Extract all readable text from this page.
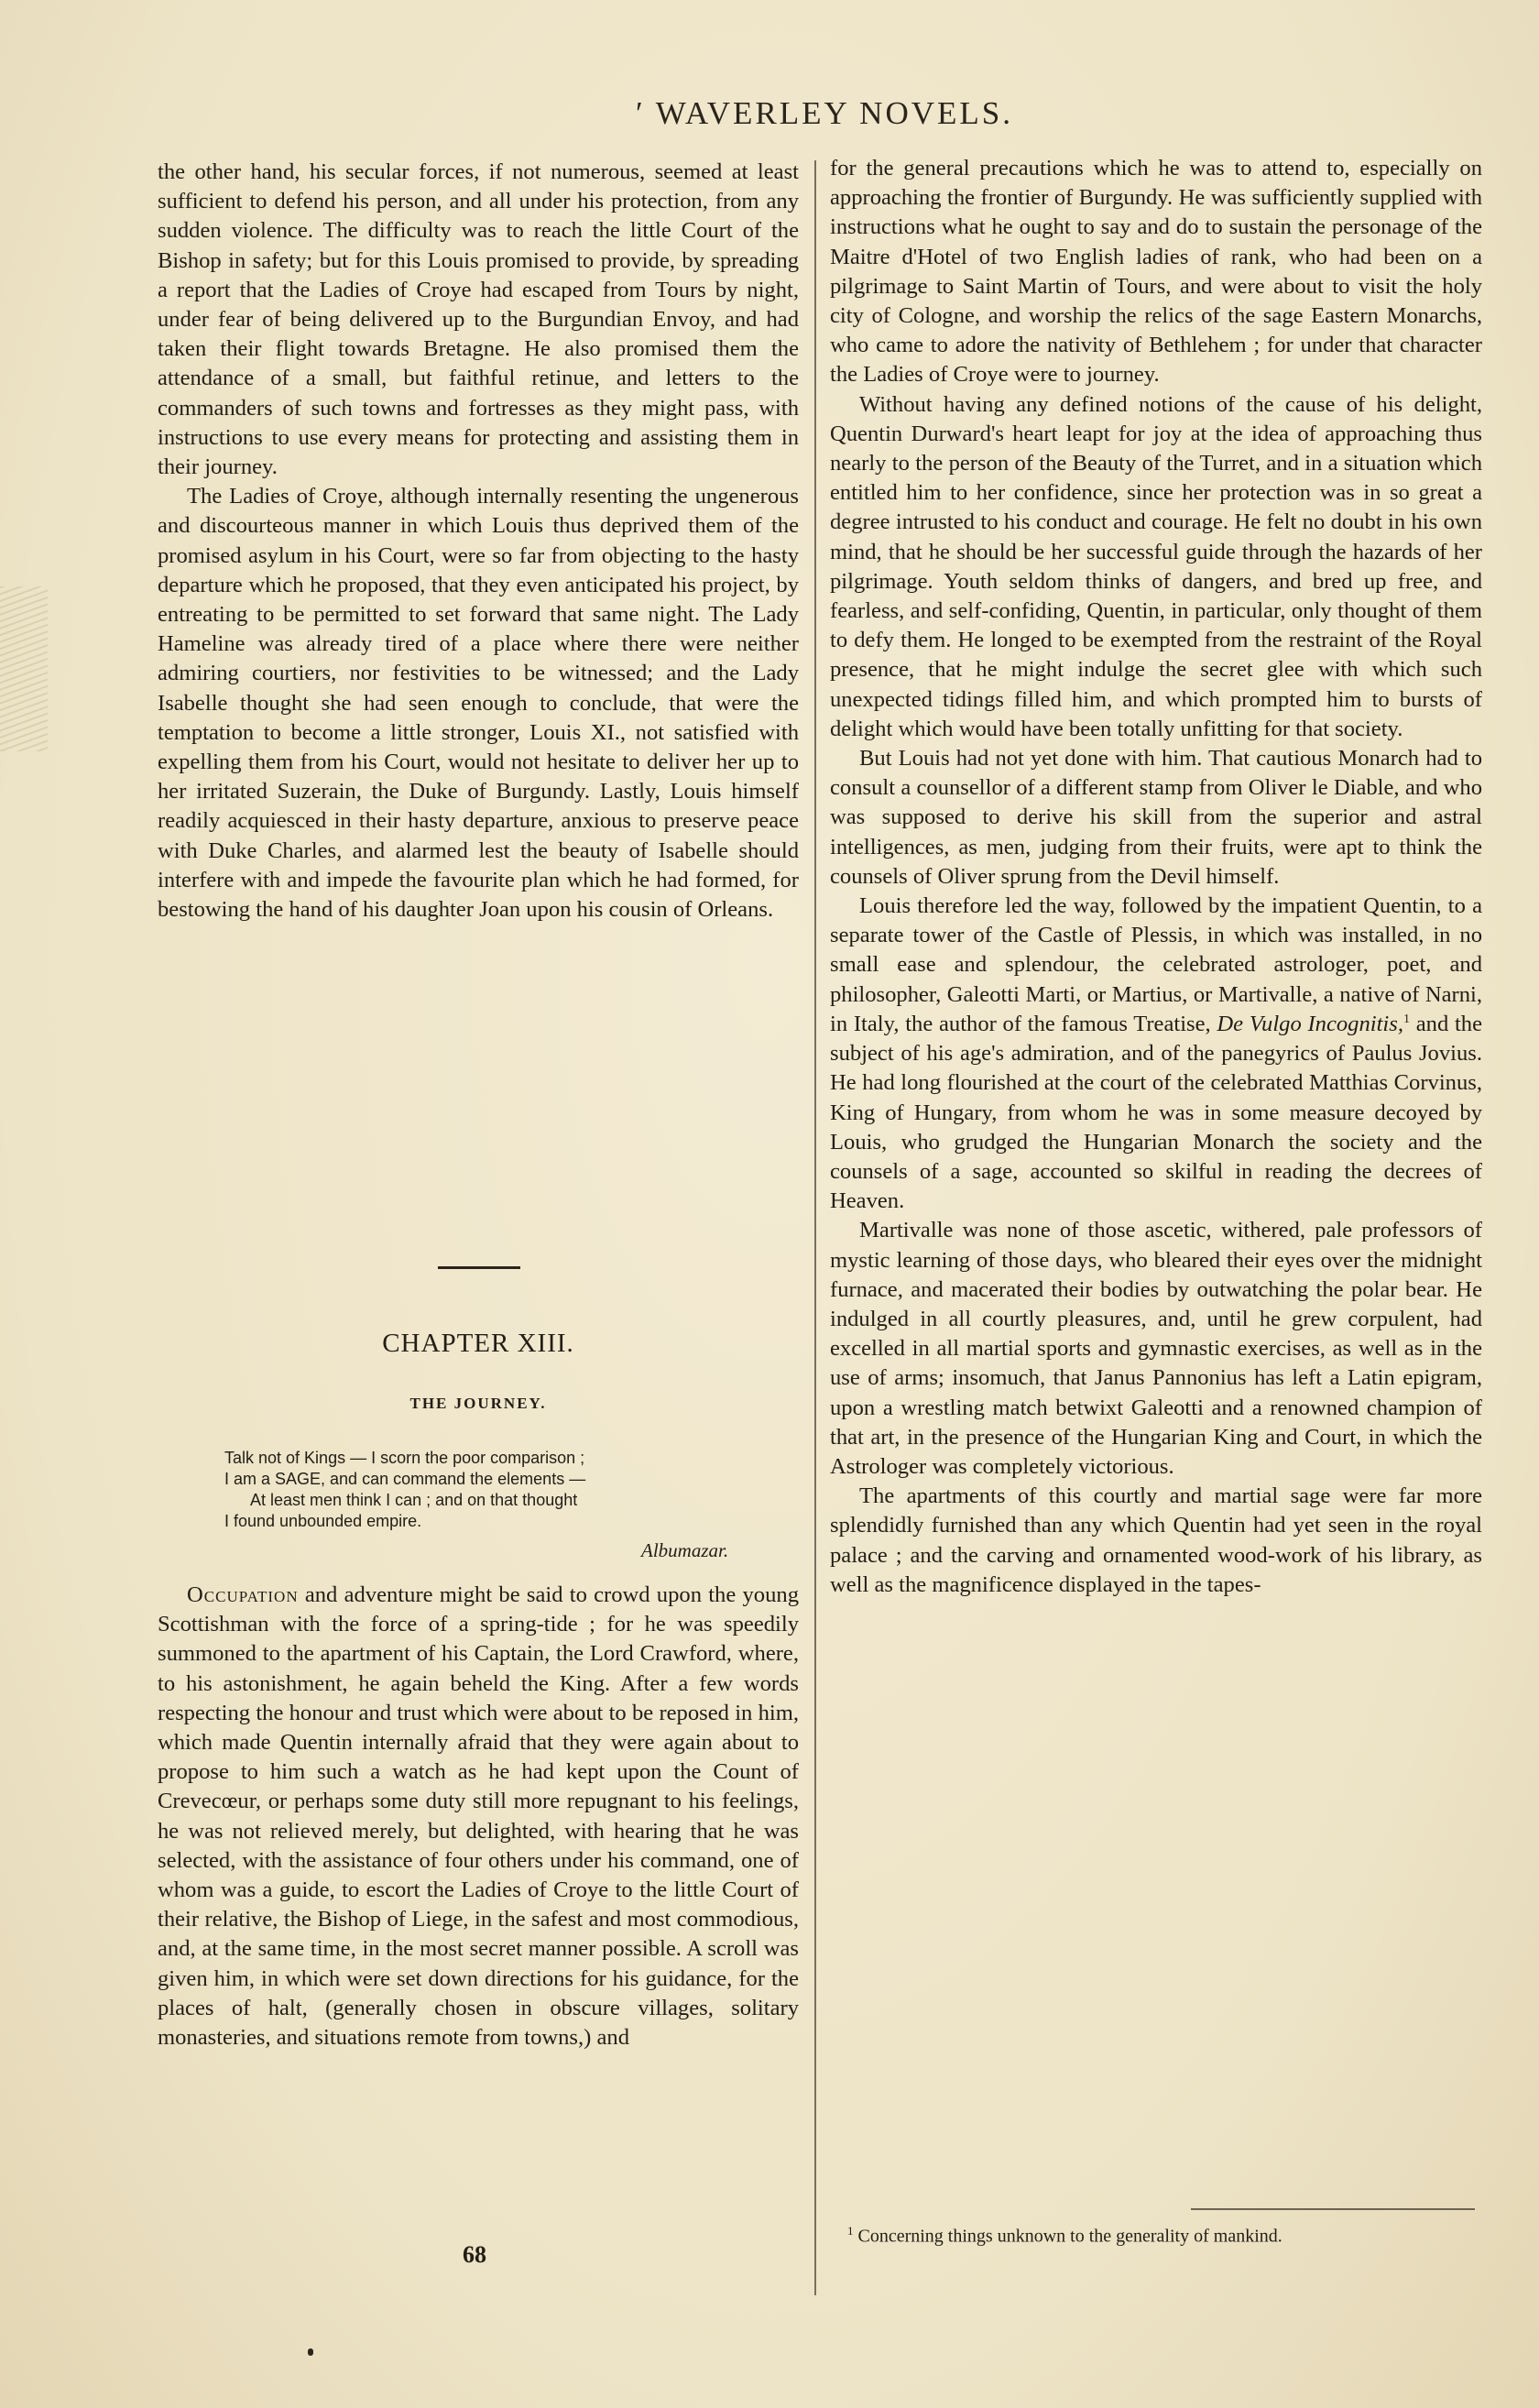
′ WAVERLEY NOVELS.

the other hand, his secular forces, if not numerous, seemed at least sufficient to defend his person, and all under his protection, from any sudden violence. The difficulty was to reach the little Court of the Bishop in safety; but for this Louis promised to provide, by spreading a report that the Ladies of Croye had escaped from Tours by night, under fear of being delivered up to the Burgundian Envoy, and had taken their flight towards Bretagne. He also promised them the attendance of a small, but faithful retinue, and letters to the commanders of such towns and fortresses as they might pass, with instructions to use every means for protecting and assisting them in their journey.

The Ladies of Croye, although internally resenting the ungenerous and discourteous manner in which Louis thus deprived them of the promised asylum in his Court, were so far from objecting to the hasty departure which he proposed, that they even anticipated his project, by entreating to be permitted to set forward that same night. The Lady Hameline was already tired of a place where there were neither admiring courtiers, nor festivities to be witnessed; and the Lady Isabelle thought she had seen enough to conclude, that were the temptation to become a little stronger, Louis XI., not satisfied with expelling them from his Court, would not hesitate to deliver her up to her irritated Suzerain, the Duke of Burgundy. Lastly, Louis himself readily acquiesced in their hasty departure, anxious to preserve peace with Duke Charles, and alarmed lest the beauty of Isabelle should interfere with and impede the favourite plan which he had formed, for bestowing the hand of his daughter Joan upon his cousin of Orleans.

CHAPTER XIII.
THE JOURNEY.
Talk not of Kings — I scorn the poor comparison ;
I am a SAGE, and can command the elements —
At least men think I can ; and on that thought
I found unbounded empire.
Albumazar.

Occupation and adventure might be said to crowd upon the young Scottishman with the force of a spring-tide ; for he was speedily summoned to the apartment of his Captain, the Lord Crawford, where, to his astonishment, he again beheld the King. After a few words respecting the honour and trust which were about to be reposed in him, which made Quentin internally afraid that they were again about to propose to him such a watch as he had kept upon the Count of Crevecœur, or perhaps some duty still more repugnant to his feelings, he was not relieved merely, but delighted, with hearing that he was selected, with the assistance of four others under his command, one of whom was a guide, to escort the Ladies of Croye to the little Court of their relative, the Bishop of Liege, in the safest and most commodious, and, at the same time, in the most secret manner possible. A scroll was given him, in which were set down directions for his guidance, for the places of halt, (generally chosen in obscure villages, solitary monasteries, and situations remote from towns,) and

68

for the general precautions which he was to attend to, especially on approaching the frontier of Burgundy. He was sufficiently supplied with instructions what he ought to say and do to sustain the personage of the Maitre d'Hotel of two English ladies of rank, who had been on a pilgrimage to Saint Martin of Tours, and were about to visit the holy city of Cologne, and worship the relics of the sage Eastern Monarchs, who came to adore the nativity of Bethlehem ; for under that character the Ladies of Croye were to journey.

Without having any defined notions of the cause of his delight, Quentin Durward's heart leapt for joy at the idea of approaching thus nearly to the person of the Beauty of the Turret, and in a situation which entitled him to her confidence, since her protection was in so great a degree intrusted to his conduct and courage. He felt no doubt in his own mind, that he should be her successful guide through the hazards of her pilgrimage. Youth seldom thinks of dangers, and bred up free, and fearless, and self-confiding, Quentin, in particular, only thought of them to defy them. He longed to be exempted from the restraint of the Royal presence, that he might indulge the secret glee with which such unexpected tidings filled him, and which prompted him to bursts of delight which would have been totally unfitting for that society.

But Louis had not yet done with him. That cautious Monarch had to consult a counsellor of a different stamp from Oliver le Diable, and who was supposed to derive his skill from the superior and astral intelligences, as men, judging from their fruits, were apt to think the counsels of Oliver sprung from the Devil himself.

Louis therefore led the way, followed by the impatient Quentin, to a separate tower of the Castle of Plessis, in which was installed, in no small ease and splendour, the celebrated astrologer, poet, and philosopher, Galeotti Marti, or Martius, or Martivalle, a native of Narni, in Italy, the author of the famous Treatise, De Vulgo Incognitis,$^1$ and the subject of his age's admiration, and of the panegyrics of Paulus Jovius. He had long flourished at the court of the celebrated Matthias Corvinus, King of Hungary, from whom he was in some measure decoyed by Louis, who grudged the Hungarian Monarch the society and the counsels of a sage, accounted so skilful in reading the decrees of Heaven.

Martivalle was none of those ascetic, withered, pale professors of mystic learning of those days, who bleared their eyes over the midnight furnace, and macerated their bodies by outwatching the polar bear. He indulged in all courtly pleasures, and, until he grew corpulent, had excelled in all martial sports and gymnastic exercises, as well as in the use of arms; insomuch, that Janus Pannonius has left a Latin epigram, upon a wrestling match betwixt Galeotti and a renowned champion of that art, in the presence of the Hungarian King and Court, in which the Astrologer was completely victorious.

The apartments of this courtly and martial sage were far more splendidly furnished than any which Quentin had yet seen in the royal palace ; and the carving and ornamented wood-work of his library, as well as the magnificence displayed in the tapes-

$^1$ Concerning things unknown to the generality of mankind.
